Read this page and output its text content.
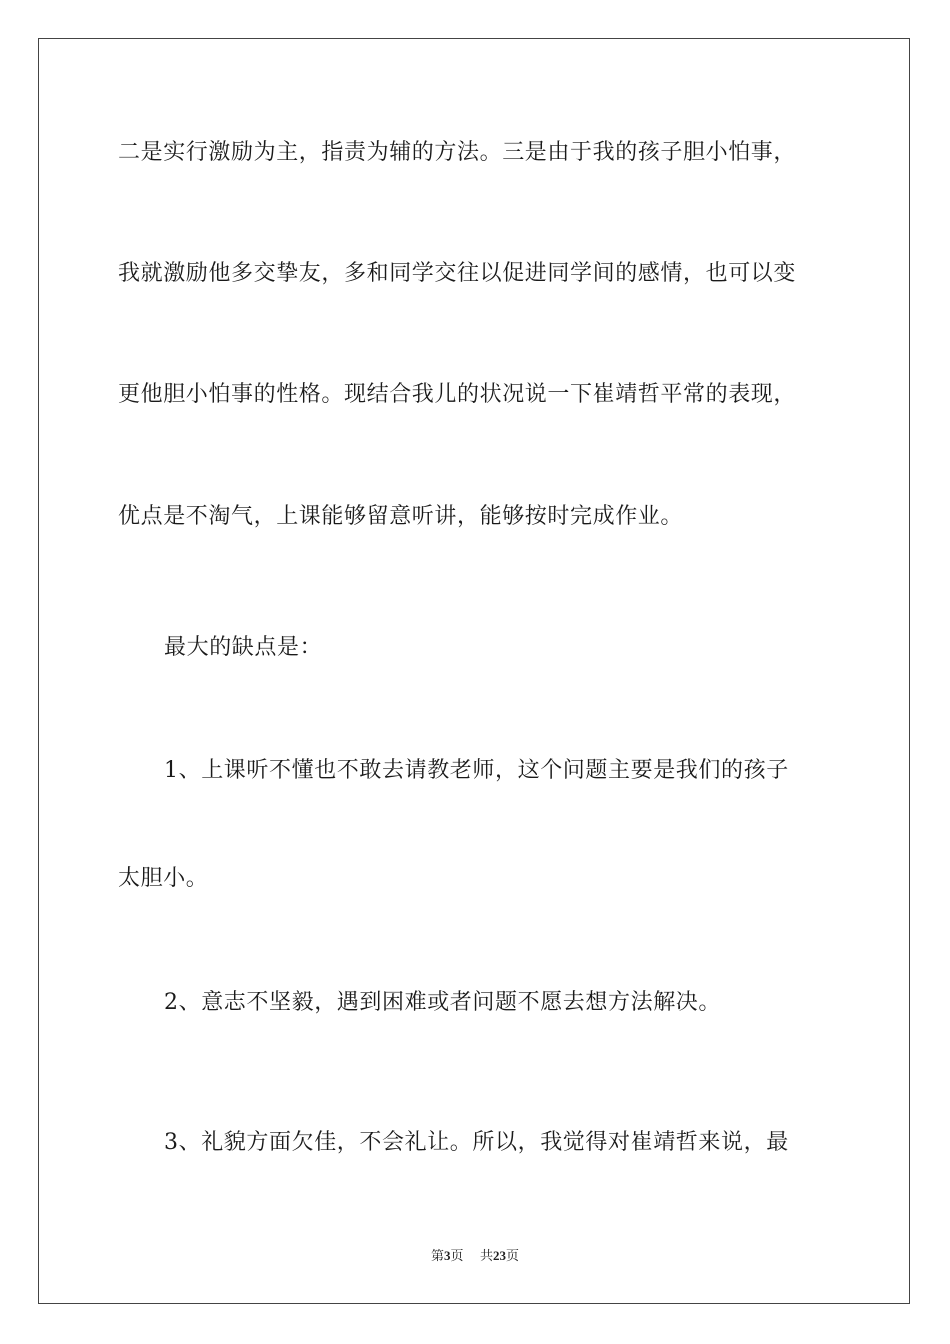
二是实行激励为主，指责为辅的方法。三是由于我的孩子胆小怕事，
我就激励他多交挚友，多和同学交往以促进同学间的感情，也可以变
更他胆小怕事的性格。现结合我儿的状况说一下崔靖哲平常的表现，
优点是不淘气，上课能够留意听讲，能够按时完成作业。
最大的缺点是：
1、上课听不懂也不敢去请教老师，这个问题主要是我们的孩子
太胆小。
2、意志不坚毅，遇到困难或者问题不愿去想方法解决。
3、礼貌方面欠佳，不会礼让。所以，我觉得对崔靖哲来说，最
第3页 共23页
